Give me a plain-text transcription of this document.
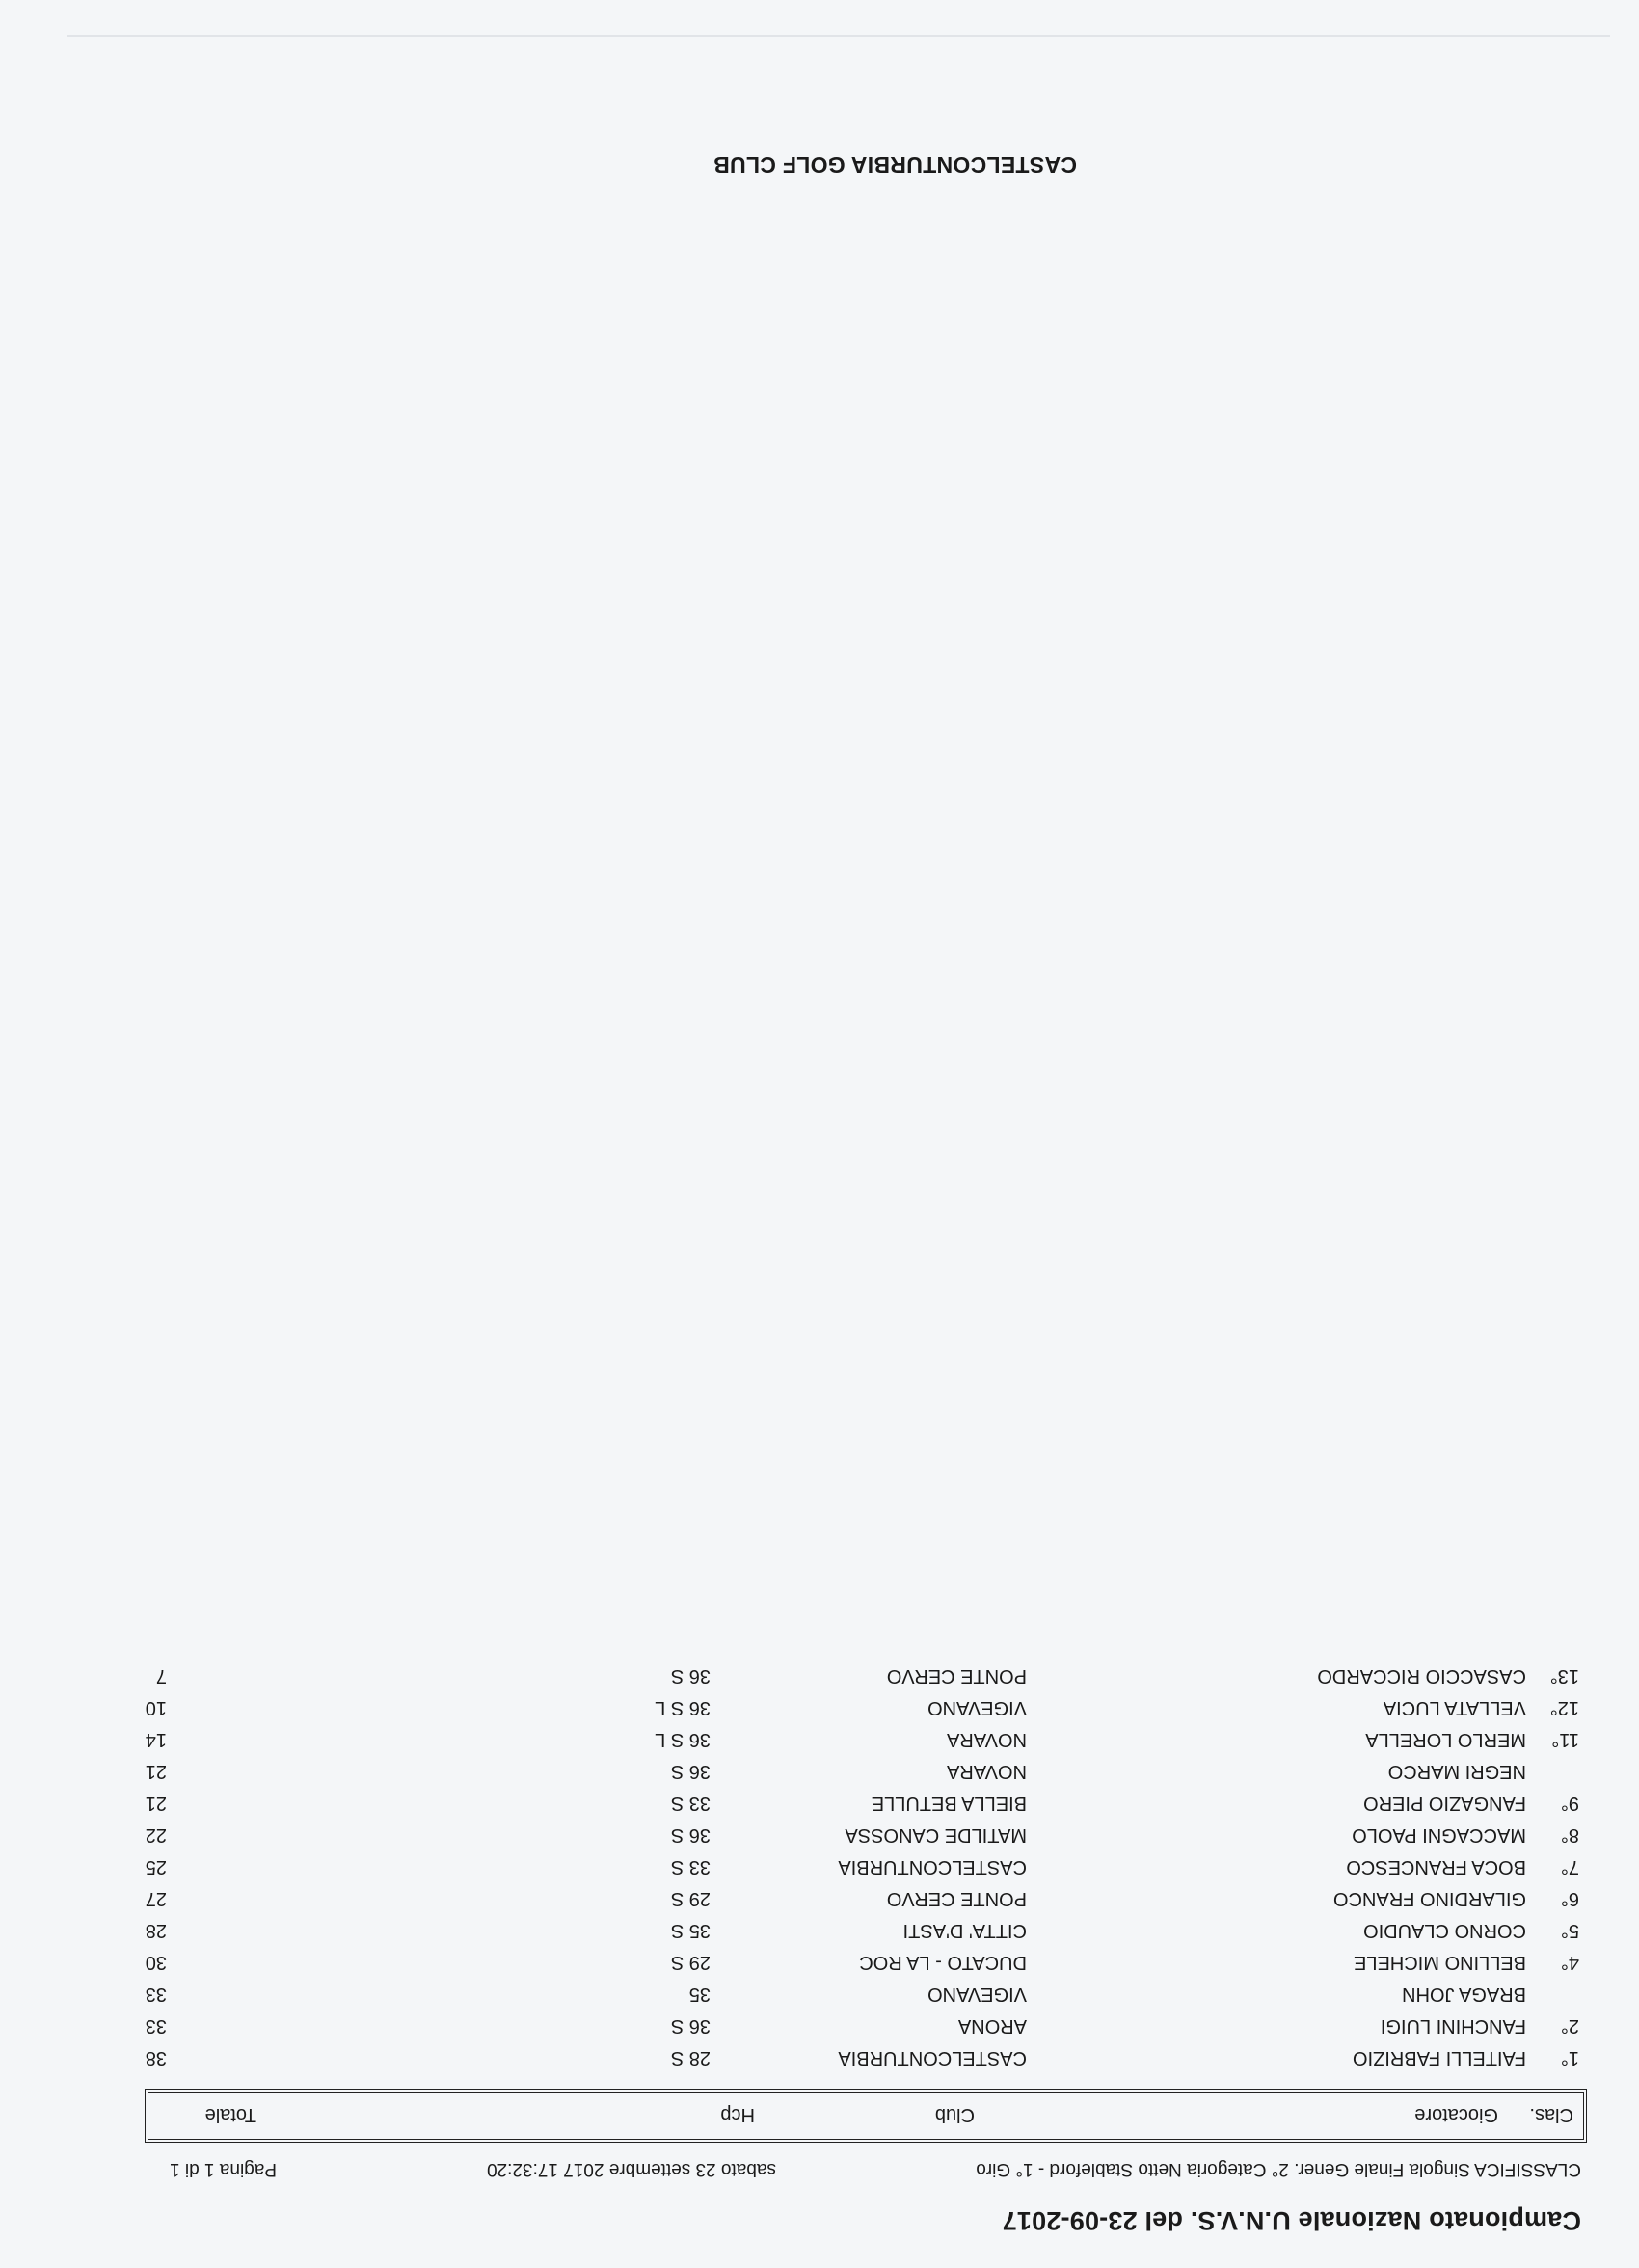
Campionato Nazionale U.N.V.S. del 23-09-2017
CLASSIFICA Singola Finale Gener. 2° Categoria Netto Stableford - 1° Giro
sabato 23 settembre 2017 17:32:20
Pagina 1 di 1
Clas.
Giocatore
Club
Hcp
Totale
1°
FAITELLI FABRIZIO
CASTELCONTURBIA
28 S
38
2°
FANCHINI LUIGI
ARONA
36 S
33
BRAGA JOHN
VIGEVANO
35
33
4°
BELLINO MICHELE
DUCATO - LA ROC
29 S
30
5°
CORNO CLAUDIO
CITTA' D'ASTI
35 S
28
6°
GILARDINO FRANCO
PONTE CERVO
29 S
27
7°
BOCA FRANCESCO
CASTELCONTURBIA
33 S
25
8°
MACCAGNI PAOLO
MATILDE CANOSSA
36 S
22
9°
FANGAZIO PIERO
BIELLA BETULLE
33 S
21
NEGRI MARCO
NOVARA
36 S
21
11°
MERLO LORELLA
NOVARA
36 S L
14
12°
VELLATA LUCIA
VIGEVANO
36 S L
10
13°
CASACCIO RICCARDO
PONTE CERVO
36 S
7
CASTELCONTURBIA GOLF CLUB
